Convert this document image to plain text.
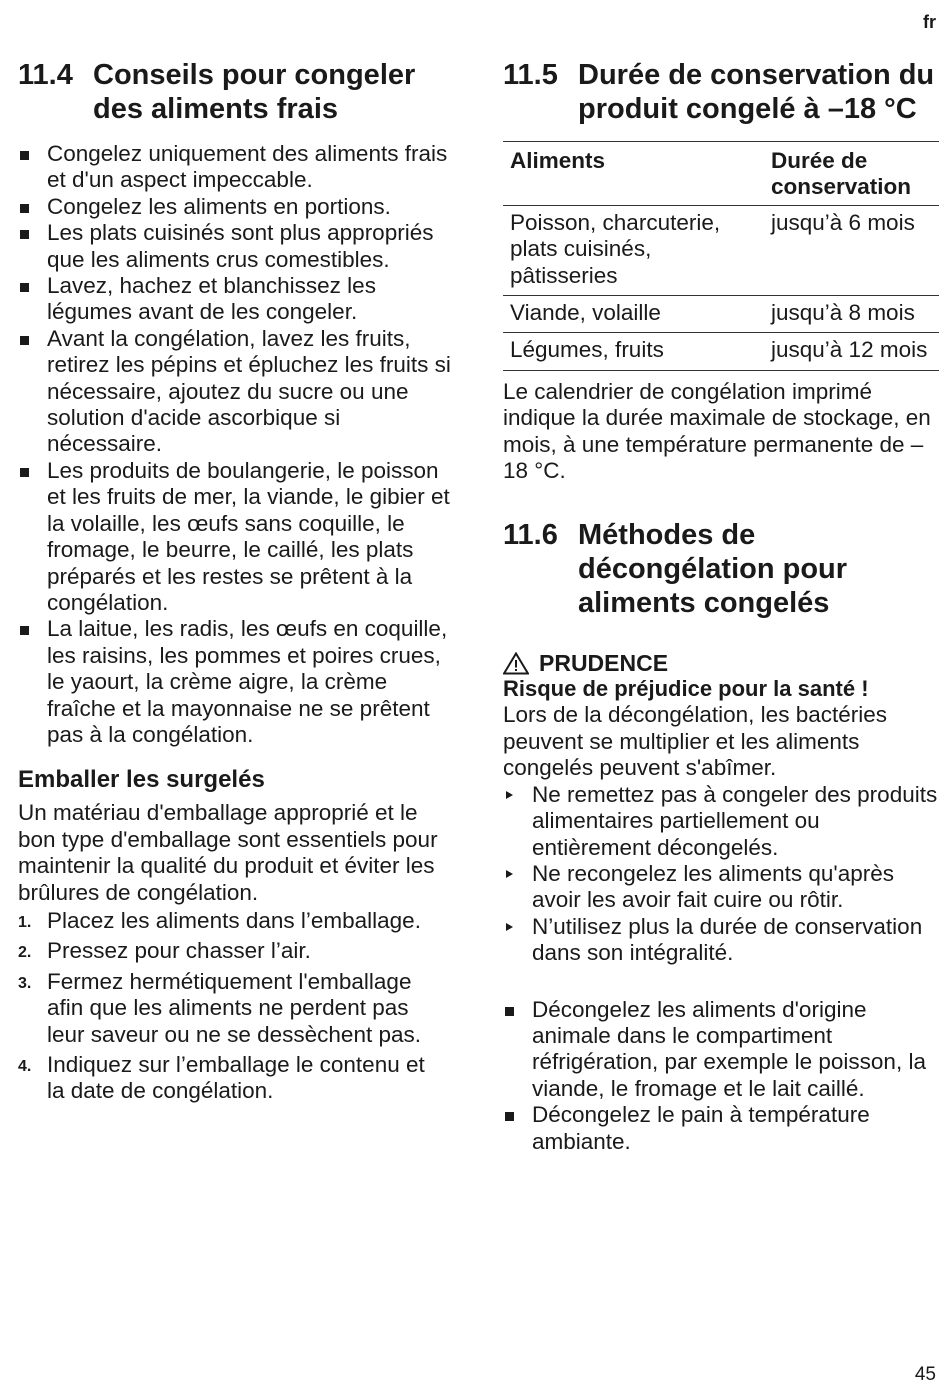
fr
11.4 Conseils pour congeler des aliments frais
Congelez uniquement des aliments frais et d'un aspect impeccable.
Congelez les aliments en portions.
Les plats cuisinés sont plus appropriés que les aliments crus comestibles.
Lavez, hachez et blanchissez les légumes avant de les congeler.
Avant la congélation, lavez les fruits, retirez les pépins et épluchez les fruits si nécessaire, ajoutez du sucre ou une solution d'acide ascorbique si nécessaire.
Les produits de boulangerie, le poisson et les fruits de mer, la viande, le gibier et la volaille, les œufs sans coquille, le fromage, le beurre, le caillé, les plats préparés et les restes se prêtent à la congélation.
La laitue, les radis, les œufs en coquille, les raisins, les pommes et poires crues, le yaourt, la crème aigre, la crème fraîche et la mayonnaise ne se prêtent pas à la congélation.
Emballer les surgelés

Un matériau d'emballage approprié et le bon type d'emballage sont essentiels pour maintenir la qualité du produit et éviter les brûlures de congélation.

1. Placez les aliments dans l’emballage.
2. Pressez pour chasser l’air.
3. Fermez hermétiquement l'emballage afin que les aliments ne perdent pas leur saveur ou ne se dessèchent pas.
4. Indiquez sur l’emballage le contenu et la date de congélation.
11.5 Durée de conservation du produit congelé à –18 °C
Aliments	Durée de conservation
Poisson, charcuterie, plats cuisinés, pâtisseries	jusqu’à 6 mois
Viande, volaille	jusqu’à 8 mois
Légumes, fruits	jusqu’à 12 mois

Le calendrier de congélation imprimé indique la durée maximale de stockage, en mois, à une température permanente de –18 °C.

11.6 Méthodes de décongélation pour aliments congelés
PRUDENCE
Risque de préjudice pour la santé !

Lors de la décongélation, les bactéries peuvent se multiplier et les aliments congelés peuvent s'abîmer.

Ne remettez pas à congeler des produits alimentaires partiellement ou entièrement décongelés.
Ne recongelez les aliments qu'après avoir les avoir fait cuire ou rôtir.
N’utilisez plus la durée de conservation dans son intégralité.
Décongelez les aliments d'origine animale dans le compartiment réfrigération, par exemple le poisson, la viande, le fromage et le lait caillé.
Décongelez le pain à température ambiante.
45
